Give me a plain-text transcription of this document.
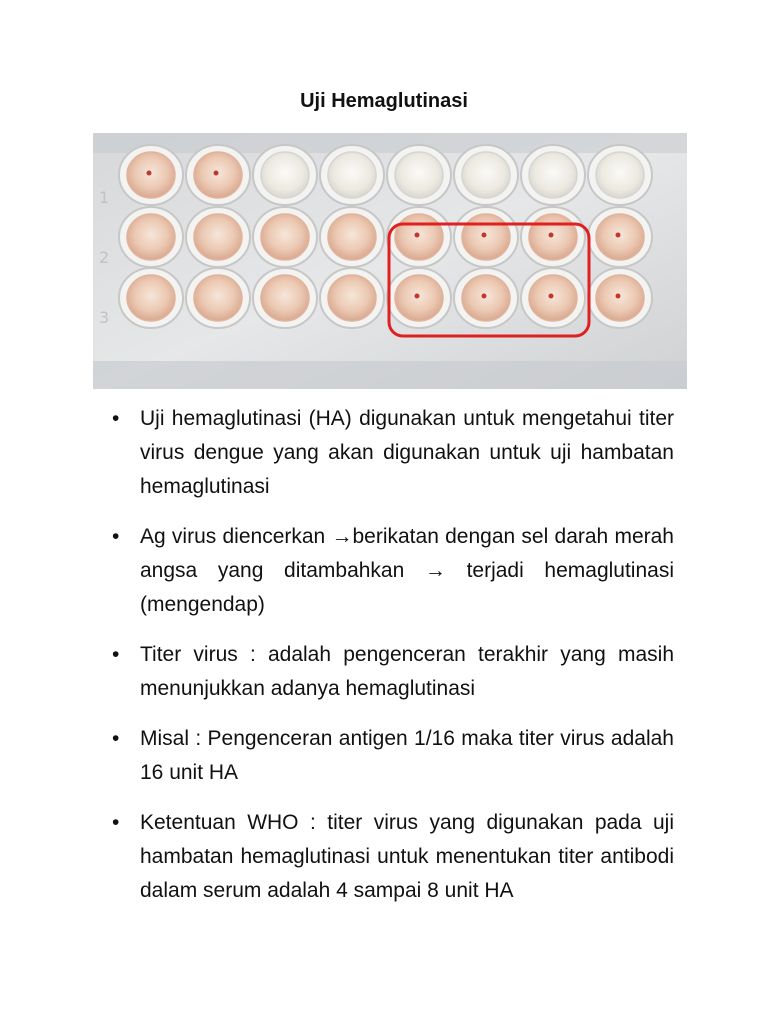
Uji Hemaglutinasi
1
2
3
• Uji hemaglutinasi (HA) digunakan untuk mengetahui titer virus dengue yang akan digunakan untuk uji hambatan hemaglutinasi
• Ag virus diencerkan →berikatan dengan sel darah merah angsa yang ditambahkan → terjadi hemaglutinasi (mengendap)
• Titer virus : adalah pengenceran terakhir yang masih menunjukkan adanya hemaglutinasi
• Misal : Pengenceran antigen 1/16 maka titer virus adalah 16 unit HA
• Ketentuan WHO : titer virus yang digunakan pada uji hambatan hemaglutinasi untuk menentukan titer antibodi dalam serum adalah 4 sampai 8 unit HA
